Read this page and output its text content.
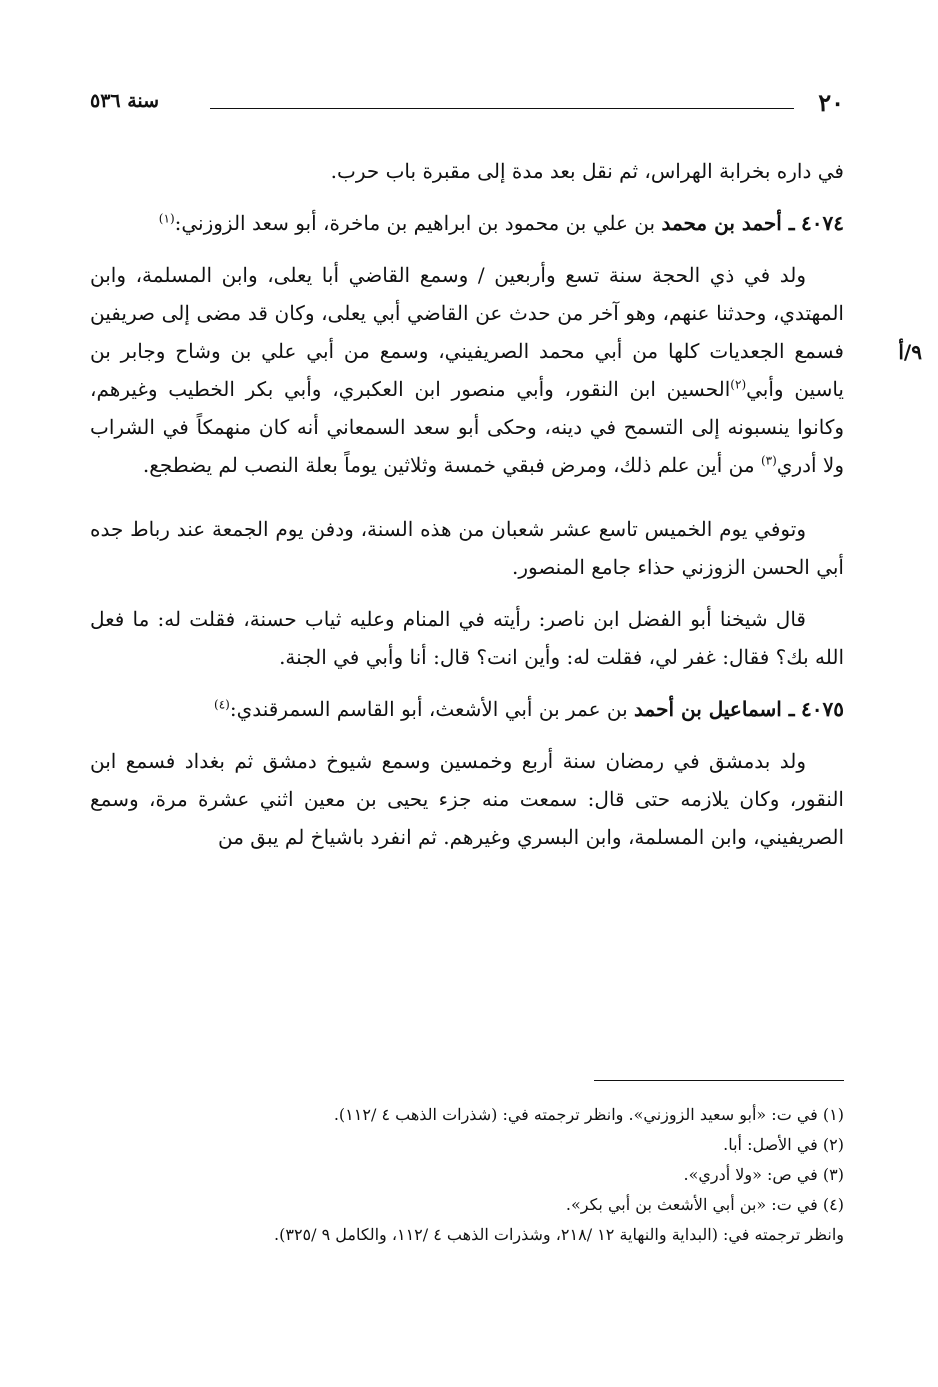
٢٠
سنة ٥٣٦
٩/أ

في داره بخرابة الهراس، ثم نقل بعد مدة إلى مقبرة باب حرب.

٤٠٧٤ ـ أحمد بن محمد بن علي بن محمود بن ابراهيم بن ماخرة، أبو سعد الزوزني:$^{(١)}$

ولد في ذي الحجة سنة تسع وأربعين / وسمع القاضي أبا يعلى، وابن المسلمة، وابن المهتدي، وحدثنا عنهم، وهو آخر من حدث عن القاضي أبي يعلى، وكان قد مضى إلى صريفين فسمع الجعديات كلها من أبي محمد الصريفيني، وسمع من أبي علي بن وشاح وجابر بن ياسين وأبي$^{(٢)}$الحسين ابن النقور، وأبي منصور ابن العكبري، وأبي بكر الخطيب وغيرهم، وكانوا ينسبونه إلى التسمح في دينه، وحكى أبو سعد السمعاني أنه كان منهمكاً في الشراب ولا أدري$^{(٣)}$ من أين علم ذلك، ومرض فبقي خمسة وثلاثين يوماً بعلة النصب لم يضطجع.

وتوفي يوم الخميس تاسع عشر شعبان من هذه السنة، ودفن يوم الجمعة عند رباط جده أبي الحسن الزوزني حذاء جامع المنصور.

قال شيخنا أبو الفضل ابن ناصر: رأيته في المنام وعليه ثياب حسنة، فقلت له: ما فعل الله بك؟ فقال: غفر لي، فقلت له: وأين انت؟ قال: أنا وأبي في الجنة.

٤٠٧٥ ـ اسماعيل بن أحمد بن عمر بن أبي الأشعث، أبو القاسم السمرقندي:$^{(٤)}$

ولد بدمشق في رمضان سنة أربع وخمسين وسمع شيوخ دمشق ثم بغداد فسمع ابن النقور، وكان يلازمه حتى قال: سمعت منه جزء يحيى بن معين اثني عشرة مرة، وسمع الصريفيني، وابن المسلمة، وابن البسري وغيرهم. ثم انفرد باشياخ لم يبق من

(١) في ت: «أبو سعيد الزوزني». وانظر ترجمته في: (شذرات الذهب ٤ /١١٢).

(٢) في الأصل: أبا.

(٣) في ص: «ولا أدري».

(٤) في ت: «بن أبي الأشعث بن أبي بكر».

وانظر ترجمته في: (البداية والنهاية ١٢ /٢١٨، وشذرات الذهب ٤ /١١٢، والكامل ٩ /٣٢٥).
